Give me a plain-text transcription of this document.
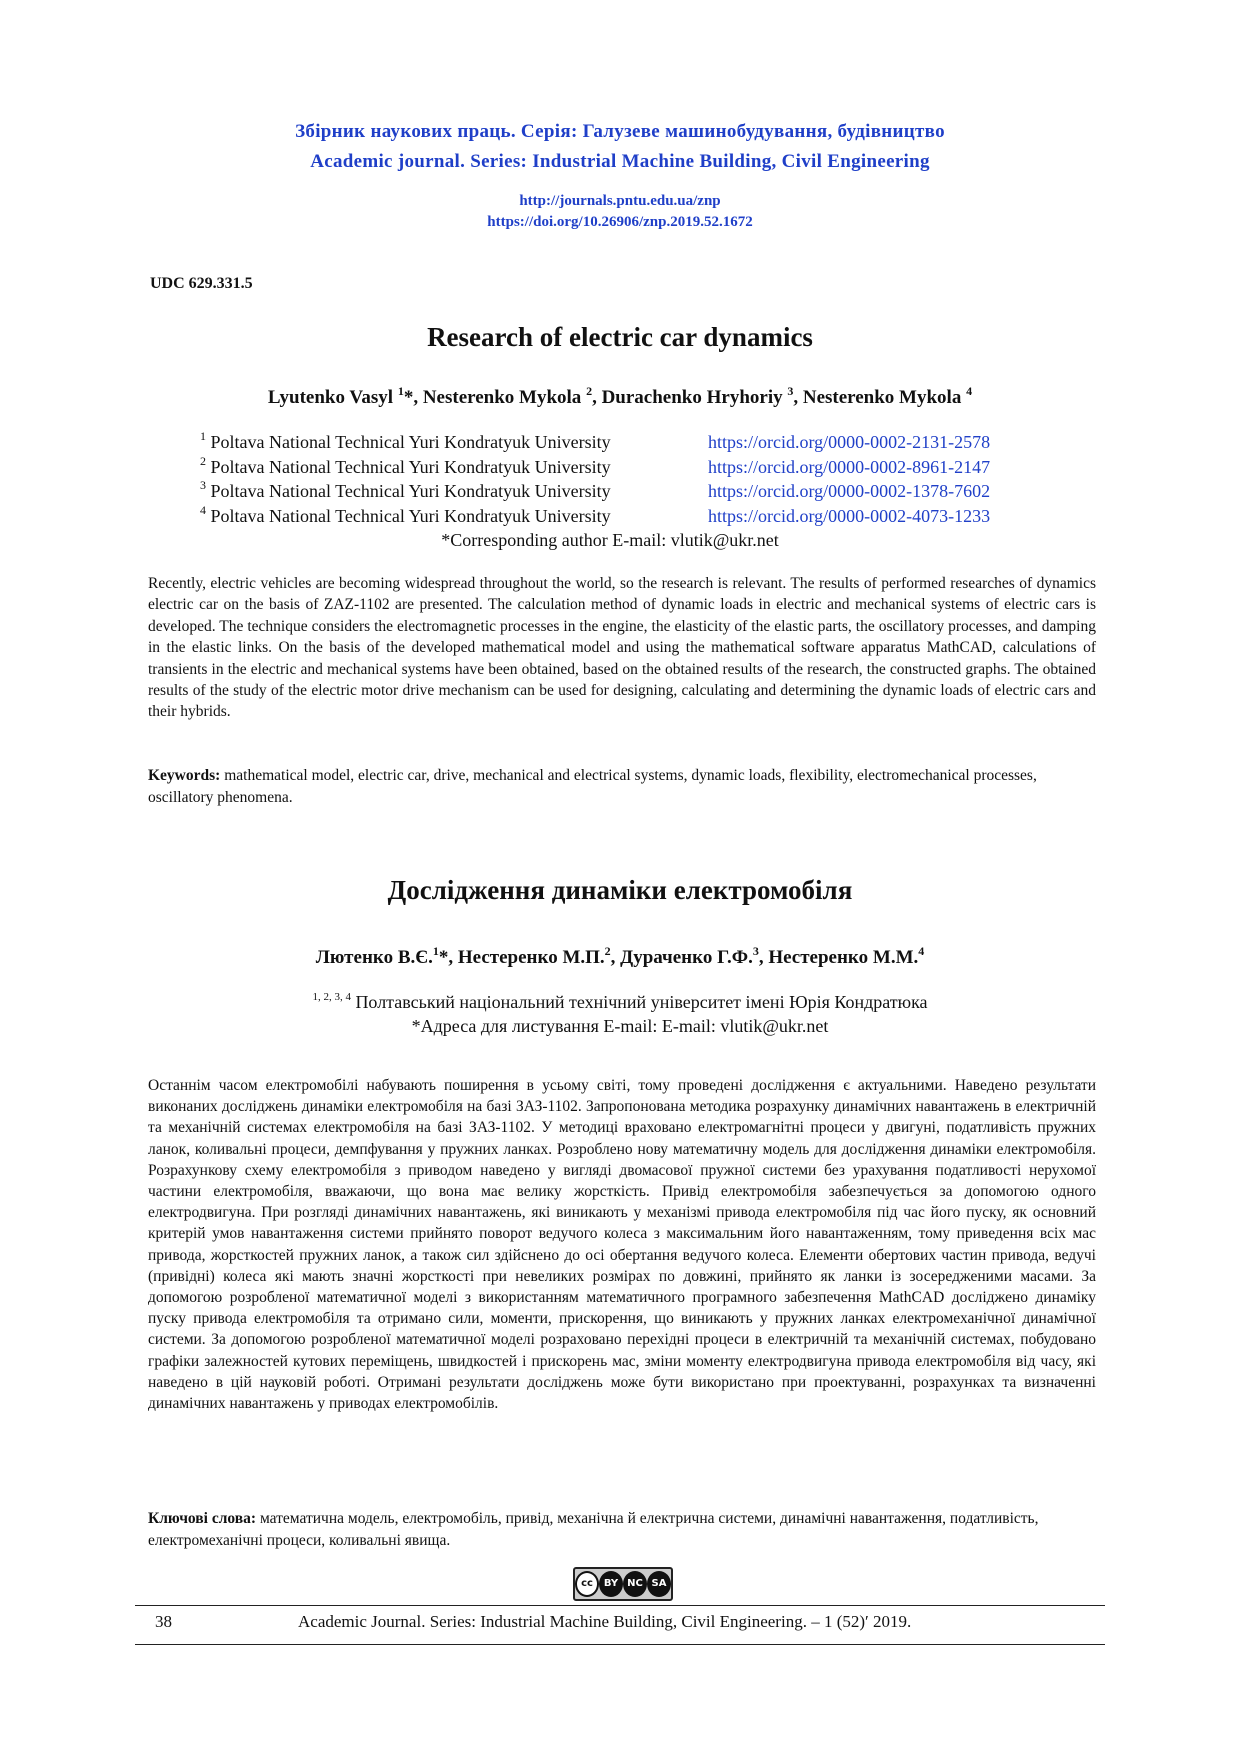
Збірник наукових праць. Серія: Галузеве машинобудування, будівництво
Academic journal. Series: Industrial Machine Building, Civil Engineering
http://journals.pntu.edu.ua/znp
https://doi.org/10.26906/znp.2019.52.1672
UDC 629.331.5
Research of electric car dynamics
Lyutenko Vasyl $^1$*, Nesterenko Mykola $^2$, Durachenko Hryhoriy $^3$, Nesterenko Mykola $^4$
$^1$ Poltava National Technical Yuri Kondratyuk University	https://orcid.org/0000-0002-2131-2578
$^2$ Poltava National Technical Yuri Kondratyuk University	https://orcid.org/0000-0002-8961-2147
$^3$ Poltava National Technical Yuri Kondratyuk University	https://orcid.org/0000-0002-1378-7602
$^4$ Poltava National Technical Yuri Kondratyuk University	https://orcid.org/0000-0002-4073-1233
*Corresponding author E-mail: vlutik@ukr.net
Recently, electric vehicles are becoming widespread throughout the world, so the research is relevant. The results of performed researches of dynamics electric car on the basis of ZAZ-1102 are presented. The calculation method of dynamic loads in electric and mechanical systems of electric cars is developed. The technique considers the electromagnetic processes in the engine, the elasticity of the elastic parts, the oscillatory processes, and damping in the elastic links. On the basis of the developed mathematical model and using the mathematical software apparatus MathCAD, calculations of transients in the electric and mechanical systems have been obtained, based on the obtained results of the research, the constructed graphs. The obtained results of the study of the electric motor drive mechanism can be used for designing, calculating and determining the dynamic loads of electric cars and their hybrids.
Keywords: mathematical model, electric car, drive, mechanical and electrical systems, dynamic loads, flexibility, electromechanical processes, oscillatory phenomena.
Дослідження динаміки електромобіля
Лютенко В.Є.$^1$*, Нестеренко М.П.$^2$, Дураченко Г.Ф.$^3$, Нестеренко М.М.$^4$
$^{1, 2, 3, 4}$ Полтавський національний технічний університет імені Юрія Кондратюка
*Адреса для листування E-mail: E-mail: vlutik@ukr.net
Останнім часом електромобілі набувають поширення в усьому світі, тому проведені дослідження є актуальними. Наведено результати виконаних досліджень динаміки електромобіля на базі ЗАЗ-1102. Запропонована методика розрахунку динамічних навантажень в електричній та механічній системах електромобіля на базі ЗАЗ-1102. У методиці враховано електромагнітні процеси у двигуні, податливість пружних ланок, коливальні процеси, демпфування у пружних ланках. Розроблено нову математичну модель для дослідження динаміки електромобіля. Розрахункову схему електромобіля з приводом наведено у вигляді двомасової пружної системи без урахування податливості нерухомої частини електромобіля, вважаючи, що вона має велику жорсткість. Привід електромобіля забезпечується за допомогою одного електродвигуна. При розгляді динамічних навантажень, які виникають у механізмі привода електромобіля під час його пуску, як основний критерій умов навантаження системи прийнято поворот ведучого колеса з максимальним його навантаженням, тому приведення всіх мас привода, жорсткостей пружних ланок, а також сил здійснено до осі обертання ведучого колеса. Елементи обертових частин привода, ведучі (привідні) колеса які мають значні жорсткості при невеликих розмірах по довжині, прийнято як ланки із зосередженими масами. За допомогою розробленої математичної моделі з використанням математичного програмного забезпечення MathCAD досліджено динаміку пуску привода електромобіля та отримано сили, моменти, прискорення, що виникають у пружних ланках електромеханічної динамічної системи. За допомогою розробленої математичної моделі розраховано перехідні процеси в електричній та механічній системах, побудовано графіки залежностей кутових переміщень, швидкостей і прискорень мас, зміни моменту електродвигуна привода електромобіля від часу, які наведено в цій науковій роботі. Отримані результати досліджень може бути використано при проектуванні, розрахунках та визначенні динамічних навантажень у приводах електромобілів.
Ключові слова: математична модель, електромобіль, привід, механічна й електрична системи, динамічні навантаження, податливість, електромеханічні процеси, коливальні явища.
cc	BY NC SA
38	Academic Journal. Series: Industrial Machine Building, Civil Engineering. – 1 (52)′ 2019.
